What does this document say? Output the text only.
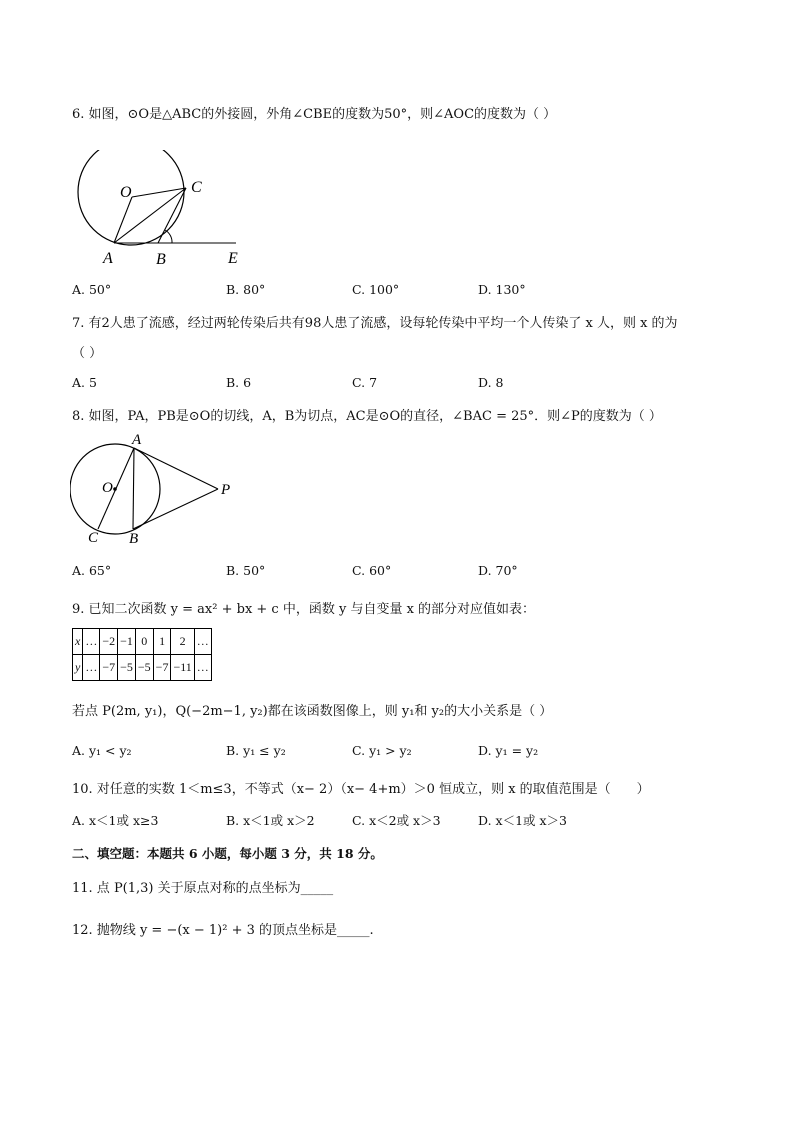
6. 如图，⊙O是△ABC的外接圆，外角∠CBE的度数为50°，则∠AOC的度数为（ ）
O	C
A	B	E
A. 50°	B. 80°	C. 100°	D. 130°
7. 有2人患了流感，经过两轮传染后共有98人患了流感，设每轮传染中平均一个人传染了 x 人，则 x 的为
（ ）
A. 5	B. 6	C. 7	D. 8
8. 如图，PA，PB是⊙O的切线，A，B为切点，AC是⊙O的直径，∠BAC = 25°．则∠P的度数为（ ）
A
O	P
C B
A. 65°	B. 50°	C. 60°	D. 70°
9. 已知二次函数 y = ax² + bx + c 中，函数 y 与自变量 x 的部分对应值如表：
x	…	−2	−1	0	1	2	…
y	…	−7	−5	−5	−7	−11	…
若点 P(2m, y₁)，Q(−2m−1, y₂)都在该函数图像上，则 y₁和 y₂的大小关系是（ ）
A. y₁ < y₂	B. y₁ ≤ y₂	C. y₁ > y₂	D. y₁ = y₂
10. 对任意的实数 1＜m≤3，不等式（x− 2）（x− 4+m）＞0 恒成立，则 x 的取值范围是（　　）
A. x＜1或 x≥3	B. x＜1或 x＞2	C. x＜2或 x＞3	D. x＜1或 x＞3
二、填空题：本题共 6 小题，每小题 3 分，共 18 分。
11. 点 P(1,3) 关于原点对称的点坐标为_____
12. 抛物线 y = −(x − 1)² + 3 的顶点坐标是_____.
